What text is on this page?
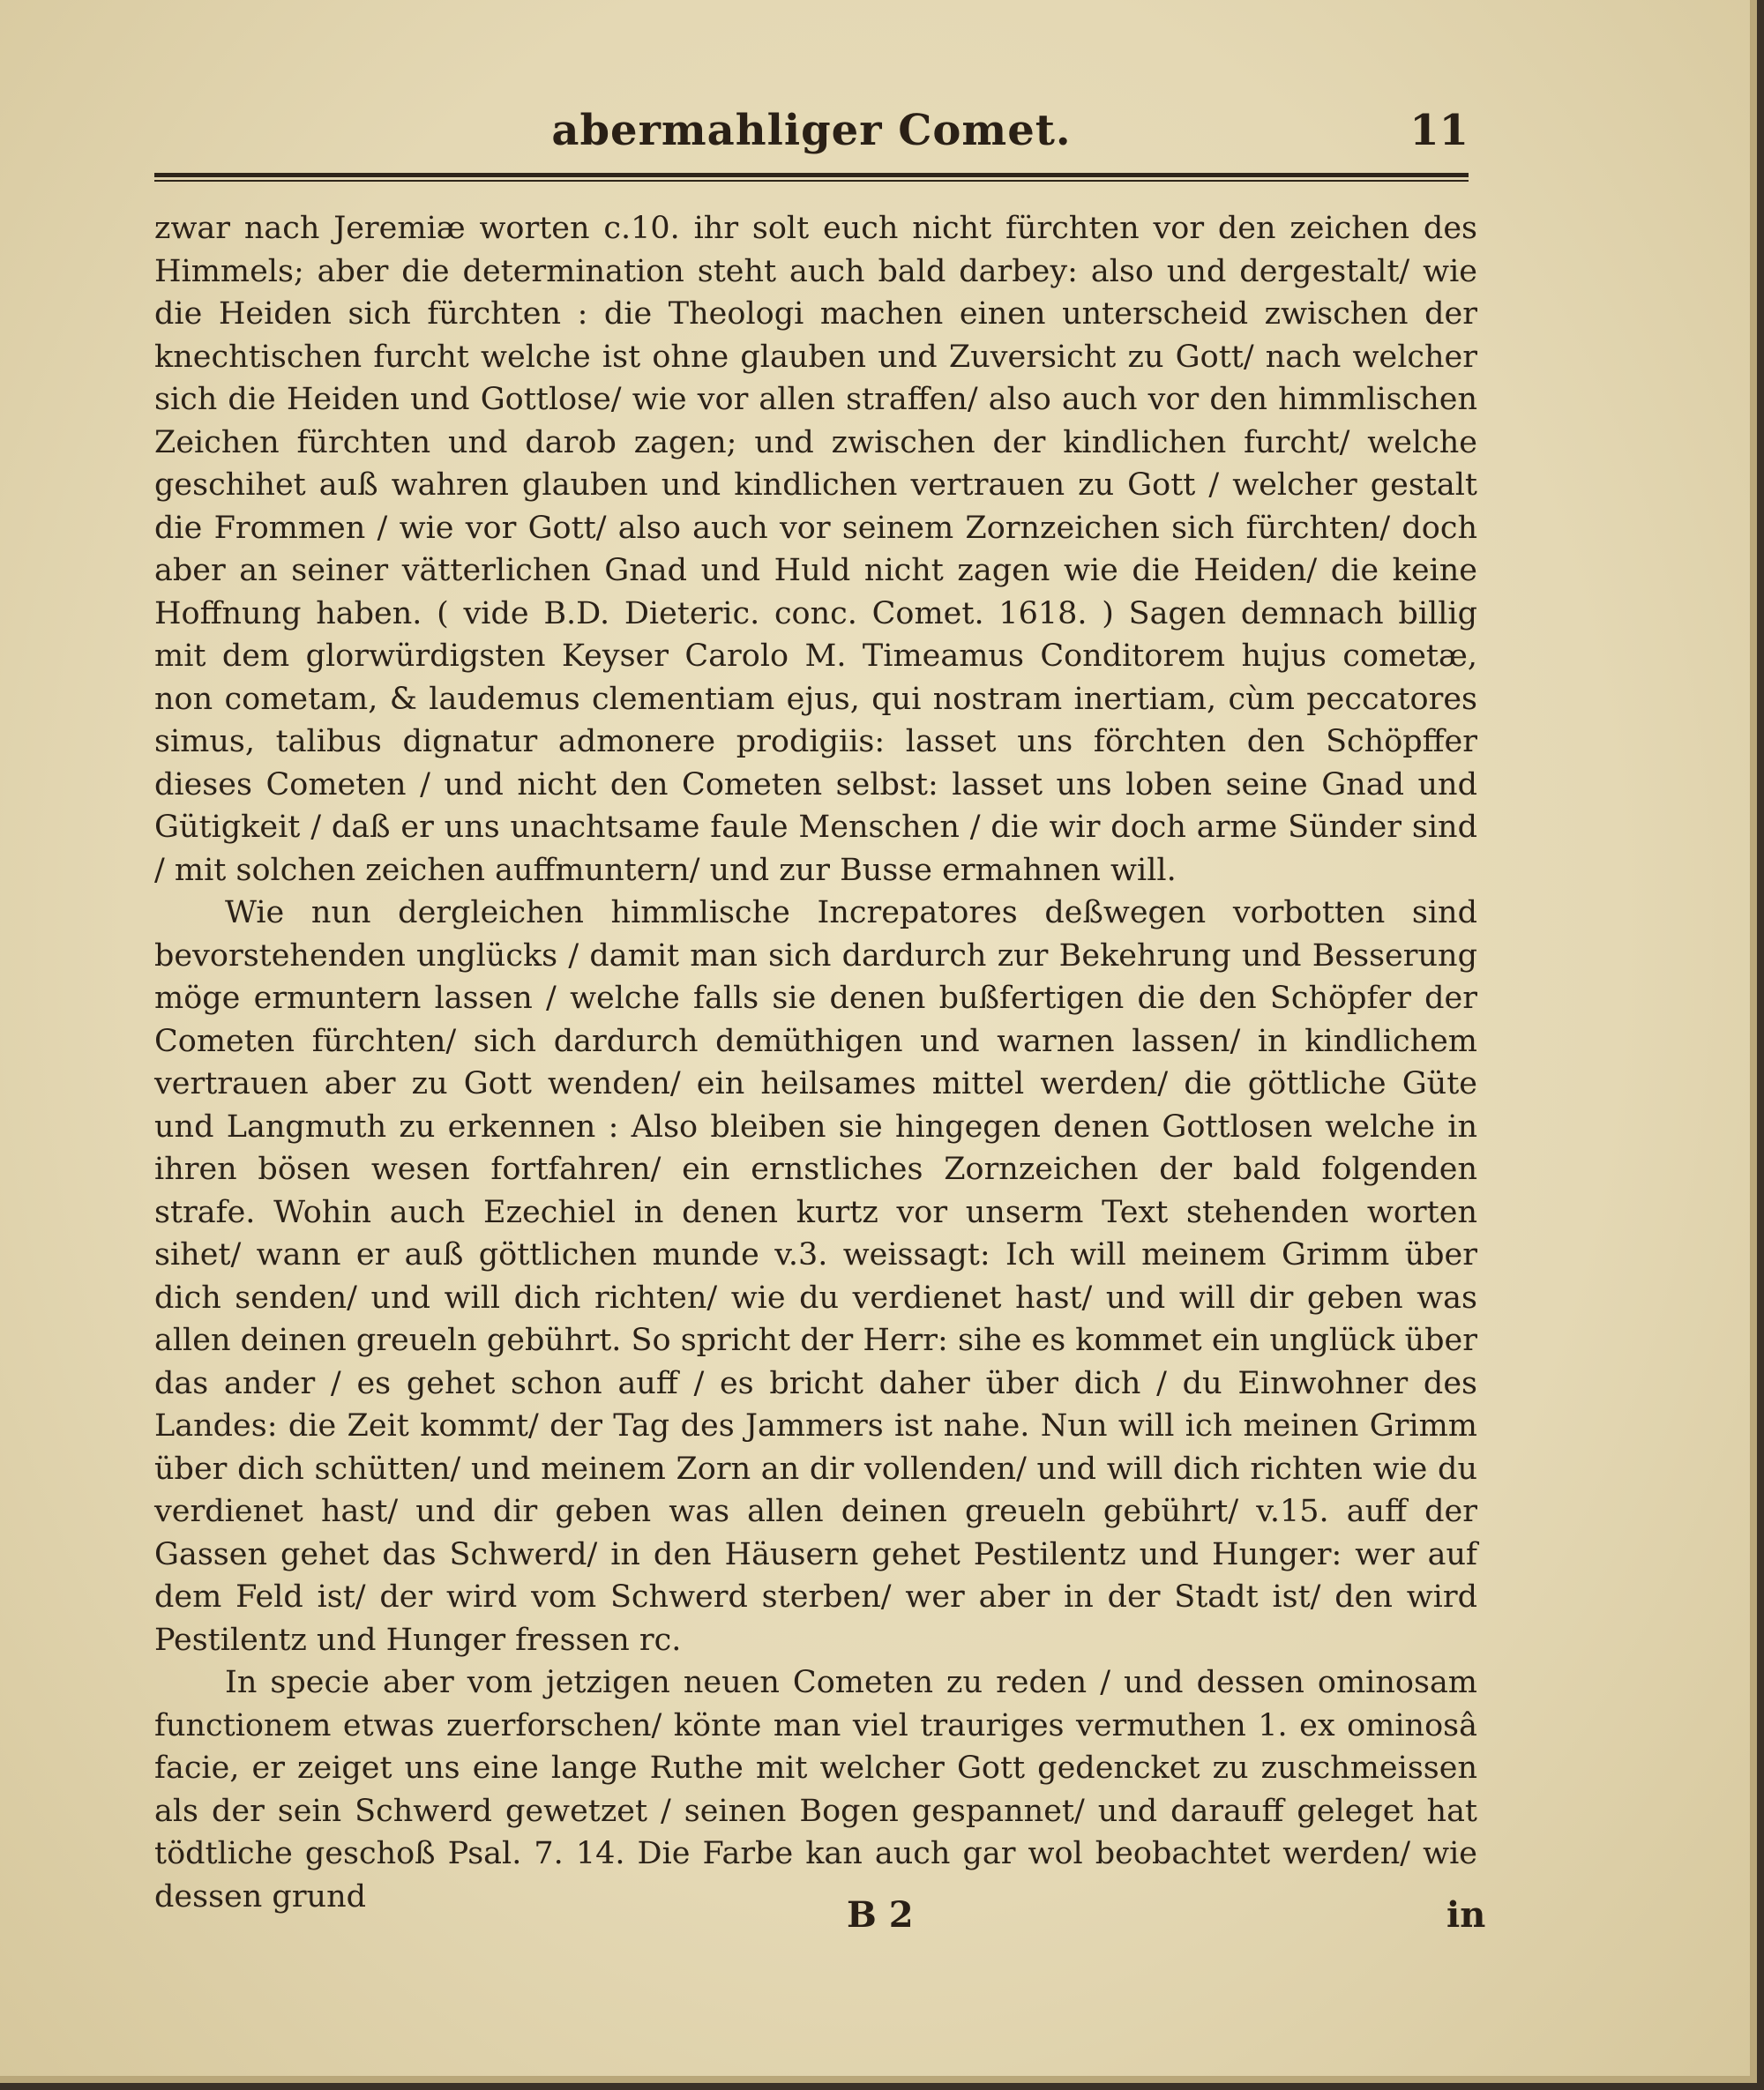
abermahliger Comet.	11

zwar nach Jeremiæ worten c.10. ihr solt euch nicht fürchten vor den zeichen des Himmels; aber die determination steht auch bald darbey: also und dergestalt/ wie die Heiden sich fürchten : die Theologi machen einen unterscheid zwischen der knechtischen furcht welche ist ohne glauben und Zuversicht zu Gott/ nach welcher sich die Heiden und Gottlose/ wie vor allen straffen/ also auch vor den himmlischen Zeichen fürchten und darob zagen; und zwischen der kindlichen furcht/ welche geschihet auß wahren glauben und kindlichen vertrauen zu Gott / welcher gestalt die Frommen / wie vor Gott/ also auch vor seinem Zornzeichen sich fürchten/ doch aber an seiner vätterlichen Gnad und Huld nicht zagen wie die Heiden/ die keine Hoffnung haben. ( vide B.D. Dieteric. conc. Comet. 1618. ) Sagen demnach billig mit dem glorwürdigsten Keyser Carolo M. Timeamus Conditorem hujus cometæ, non cometam, & laudemus clementiam ejus, qui nostram inertiam, cùm peccatores simus, talibus dignatur admonere prodigiis: lasset uns förchten den Schöpffer dieses Cometen / und nicht den Cometen selbst: lasset uns loben seine Gnad und Gütigkeit / daß er uns unachtsame faule Menschen / die wir doch arme Sünder sind / mit solchen zeichen auffmuntern/ und zur Busse ermahnen will.

Wie nun dergleichen himmlische Increpatores deßwegen vorbotten sind bevorstehenden unglücks / damit man sich dardurch zur Bekehrung und Besserung möge ermuntern lassen / welche falls sie denen bußfertigen die den Schöpfer der Cometen fürchten/ sich dardurch demüthigen und warnen lassen/ in kindlichem vertrauen aber zu Gott wenden/ ein heilsames mittel werden/ die göttliche Güte und Langmuth zu erkennen : Also bleiben sie hingegen denen Gottlosen welche in ihren bösen wesen fortfahren/ ein ernstliches Zornzeichen der bald folgenden strafe. Wohin auch Ezechiel in denen kurtz vor unserm Text stehenden worten sihet/ wann er auß göttlichen munde v.3. weissagt: Ich will meinem Grimm über dich senden/ und will dich richten/ wie du verdienet hast/ und will dir geben was allen deinen greueln gebührt. So spricht der Herr: sihe es kommet ein unglück über das ander / es gehet schon auff / es bricht daher über dich / du Einwohner des Landes: die Zeit kommt/ der Tag des Jammers ist nahe. Nun will ich meinen Grimm über dich schütten/ und meinem Zorn an dir vollenden/ und will dich richten wie du verdienet hast/ und dir geben was allen deinen greueln gebührt/ v.15. auff der Gassen gehet das Schwerd/ in den Häusern gehet Pestilentz und Hunger: wer auf dem Feld ist/ der wird vom Schwerd sterben/ wer aber in der Stadt ist/ den wird Pestilentz und Hunger fressen rc.

In specie aber vom jetzigen neuen Cometen zu reden / und dessen ominosam functionem etwas zuerforschen/ könte man viel trauriges vermuthen 1. ex ominosâ facie, er zeiget uns eine lange Ruthe mit welcher Gott gedencket zu zuschmeissen als der sein Schwerd gewetzet / seinen Bogen gespannet/ und darauff geleget hat tödtliche geschoß Psal. 7. 14. Die Farbe kan auch gar wol beobachtet werden/ wie dessen grund	B 2	in
